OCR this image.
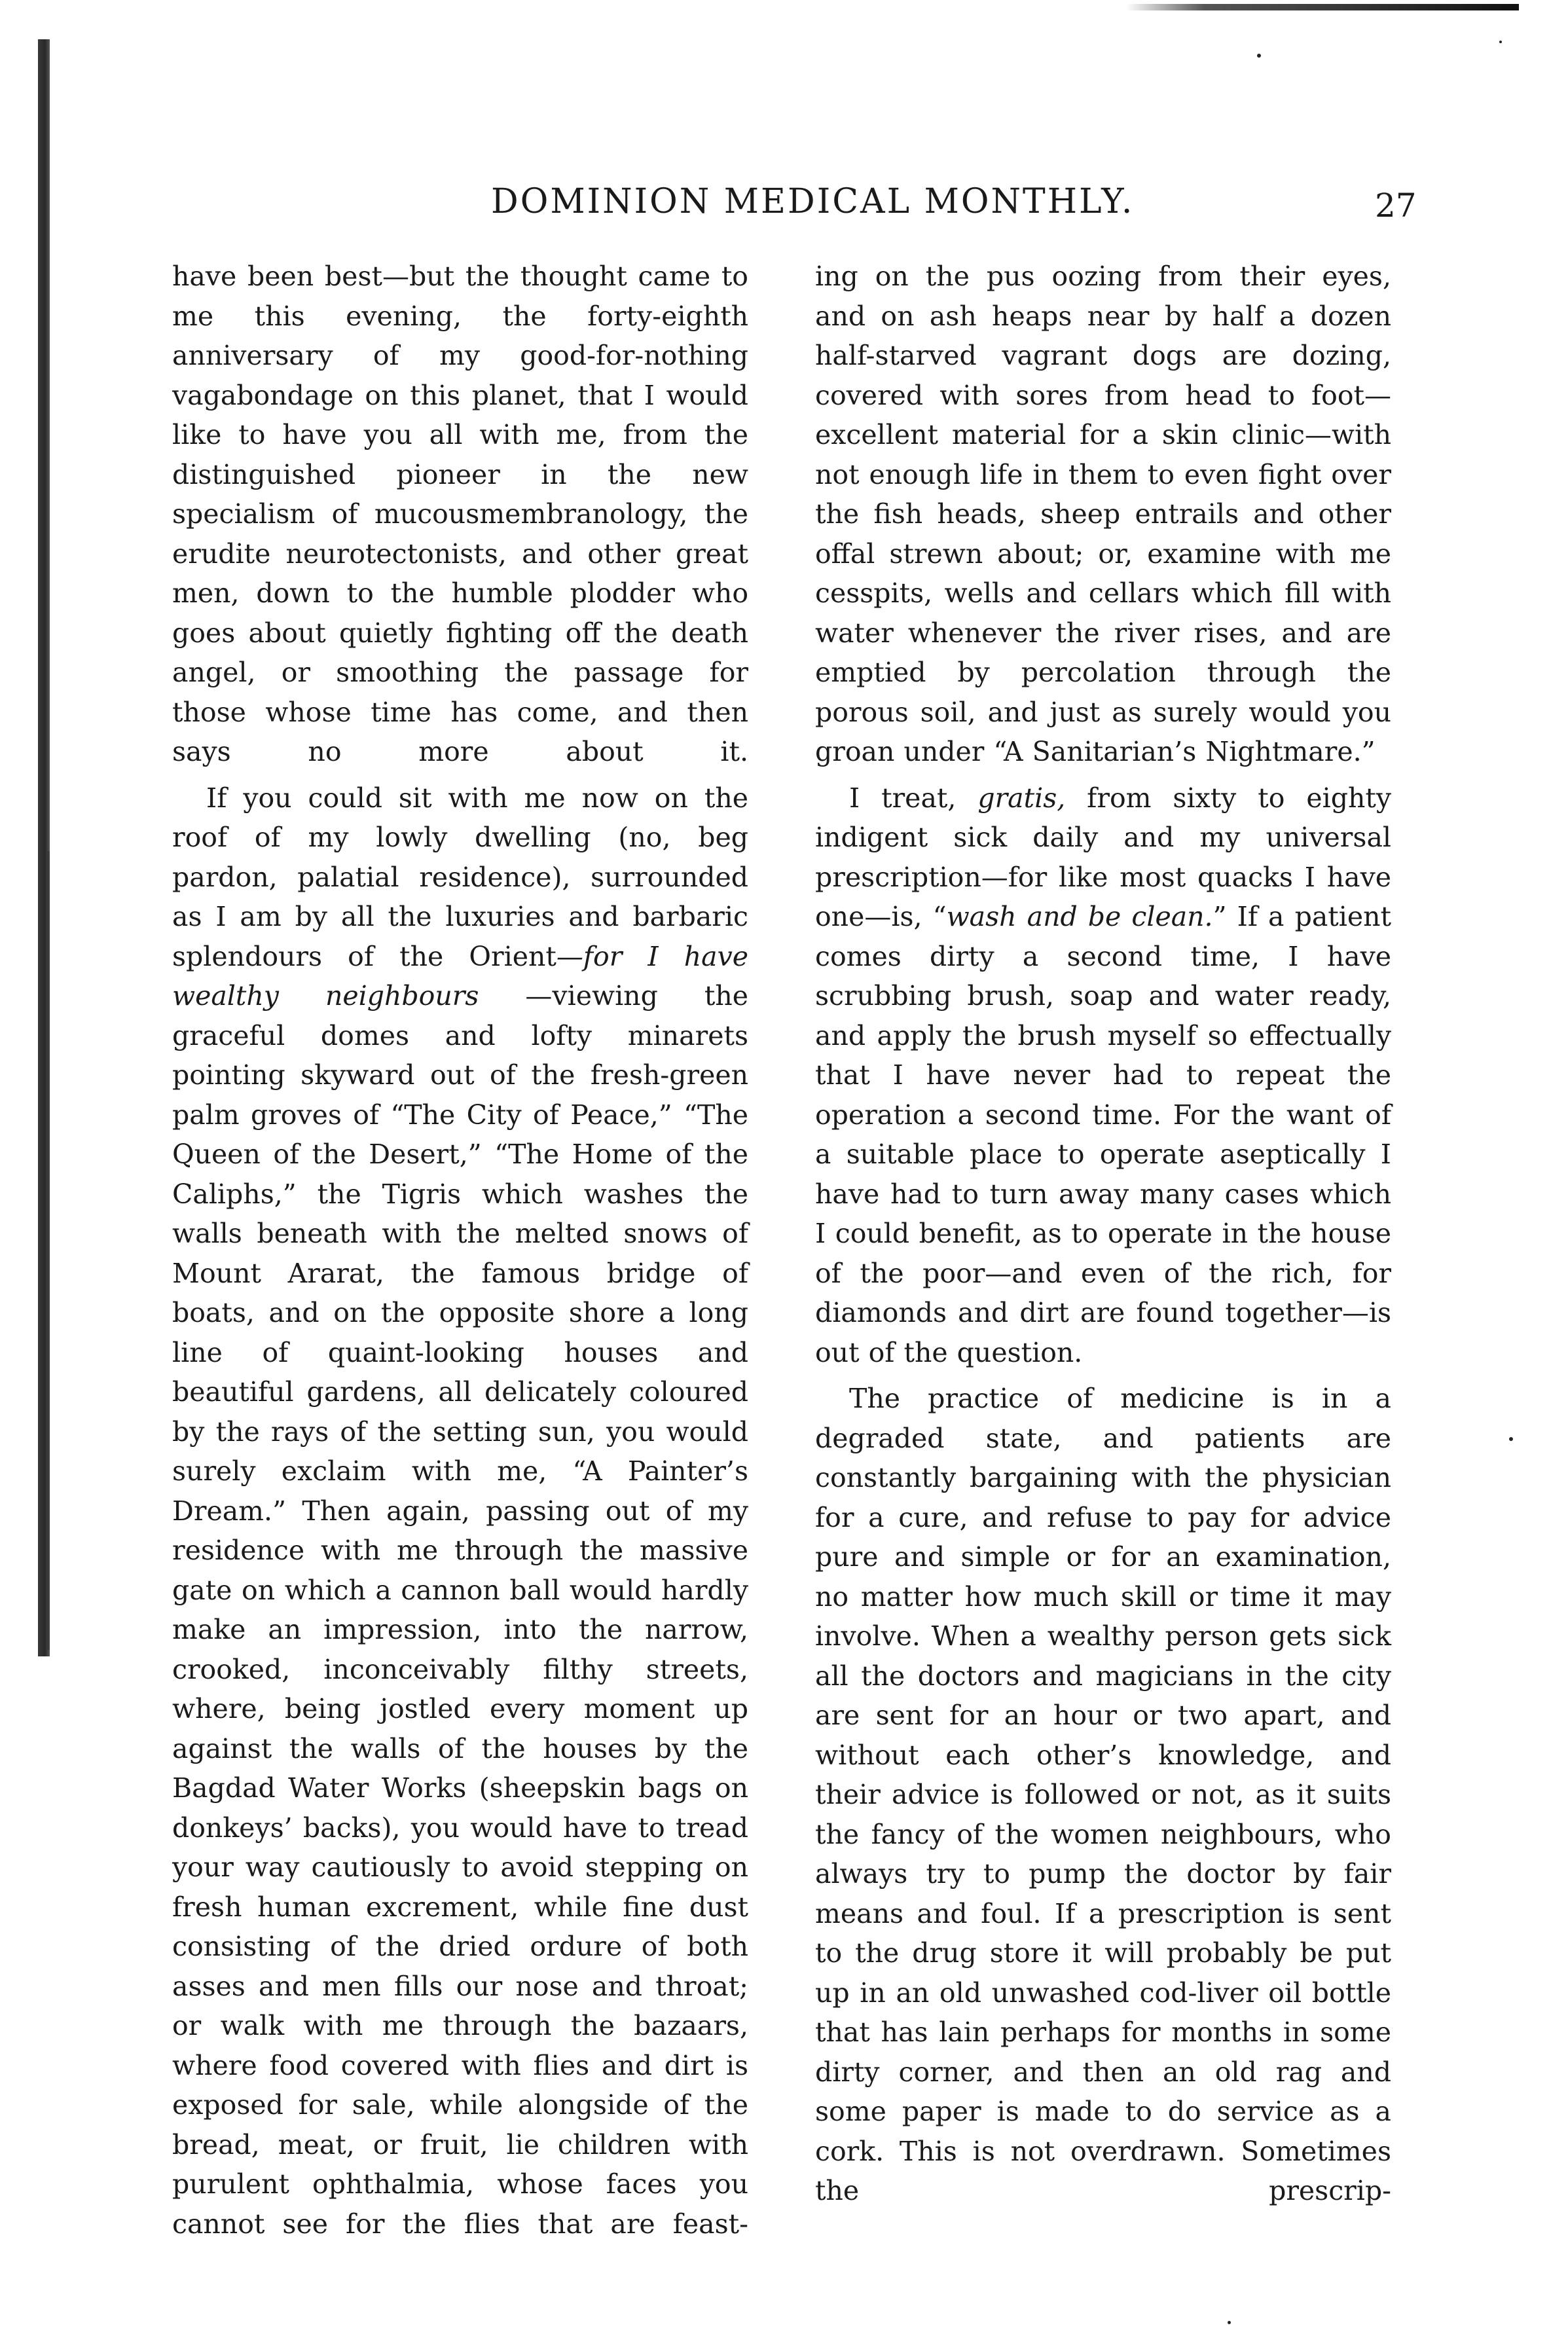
DOMINION MEDICAL MONTHLY.	27

have been best—but the thought came to me this evening, the forty-eighth anniversary of my good-for-nothing vagabondage on this planet, that I would like to have you all with me, from the distinguished pioneer in the new specialism of mucousmembranology, the erudite neurotectonists, and other great men, down to the humble plodder who goes about quietly fighting off the death angel, or smoothing the passage for those whose time has come, and then says no more about it.

If you could sit with me now on the roof of my lowly dwelling (no, beg pardon, palatial residence), surrounded as I am by all the luxuries and barbaric splendours of the Orient—for I have wealthy neighbours —viewing the graceful domes and lofty minarets pointing skyward out of the fresh-green palm groves of “The City of Peace,” “The Queen of the Desert,” “The Home of the Caliphs,” the Tigris which washes the walls beneath with the melted snows of Mount Ararat, the famous bridge of boats, and on the opposite shore a long line of quaint-looking houses and beautiful gardens, all delicately coloured by the rays of the setting sun, you would surely exclaim with me, “A Painter’s Dream.” Then again, passing out of my residence with me through the massive gate on which a cannon ball would hardly make an impression, into the narrow, crooked, inconceivably filthy streets, where, being jostled every moment up against the walls of the houses by the Bagdad Water Works (sheepskin bags on donkeys’ backs), you would have to tread your way cautiously to avoid stepping on fresh human excrement, while fine dust consisting of the dried ordure of both asses and men fills our nose and throat; or walk with me through the bazaars, where food covered with flies and dirt is exposed for sale, while alongside of the bread, meat, or fruit, lie children with purulent ophthalmia, whose faces you cannot see for the flies that are feast-

ing on the pus oozing from their eyes, and on ash heaps near by half a dozen half-starved vagrant dogs are dozing, covered with sores from head to foot—excellent material for a skin clinic—with not enough life in them to even fight over the fish heads, sheep entrails and other offal strewn about; or, examine with me cesspits, wells and cellars which fill with water whenever the river rises, and are emptied by percolation through the porous soil, and just as surely would you groan under “A Sanitarian’s Nightmare.”

I treat, gratis, from sixty to eighty indigent sick daily and my universal prescription—for like most quacks I have one—is, “wash and be clean.” If a patient comes dirty a second time, I have scrubbing brush, soap and water ready, and apply the brush myself so effectually that I have never had to repeat the operation a second time. For the want of a suitable place to operate aseptically I have had to turn away many cases which I could benefit, as to operate in the house of the poor—and even of the rich, for diamonds and dirt are found together—is out of the question.

The practice of medicine is in a degraded state, and patients are constantly bargaining with the physician for a cure, and refuse to pay for advice pure and simple or for an examination, no matter how much skill or time it may involve. When a wealthy person gets sick all the doctors and magicians in the city are sent for an hour or two apart, and without each other’s knowledge, and their advice is followed or not, as it suits the fancy of the women neighbours, who always try to pump the doctor by fair means and foul. If a prescription is sent to the drug store it will probably be put up in an old unwashed cod-liver oil bottle that has lain perhaps for months in some dirty corner, and then an old rag and some paper is made to do service as a cork. This is not overdrawn. Sometimes the prescrip-
